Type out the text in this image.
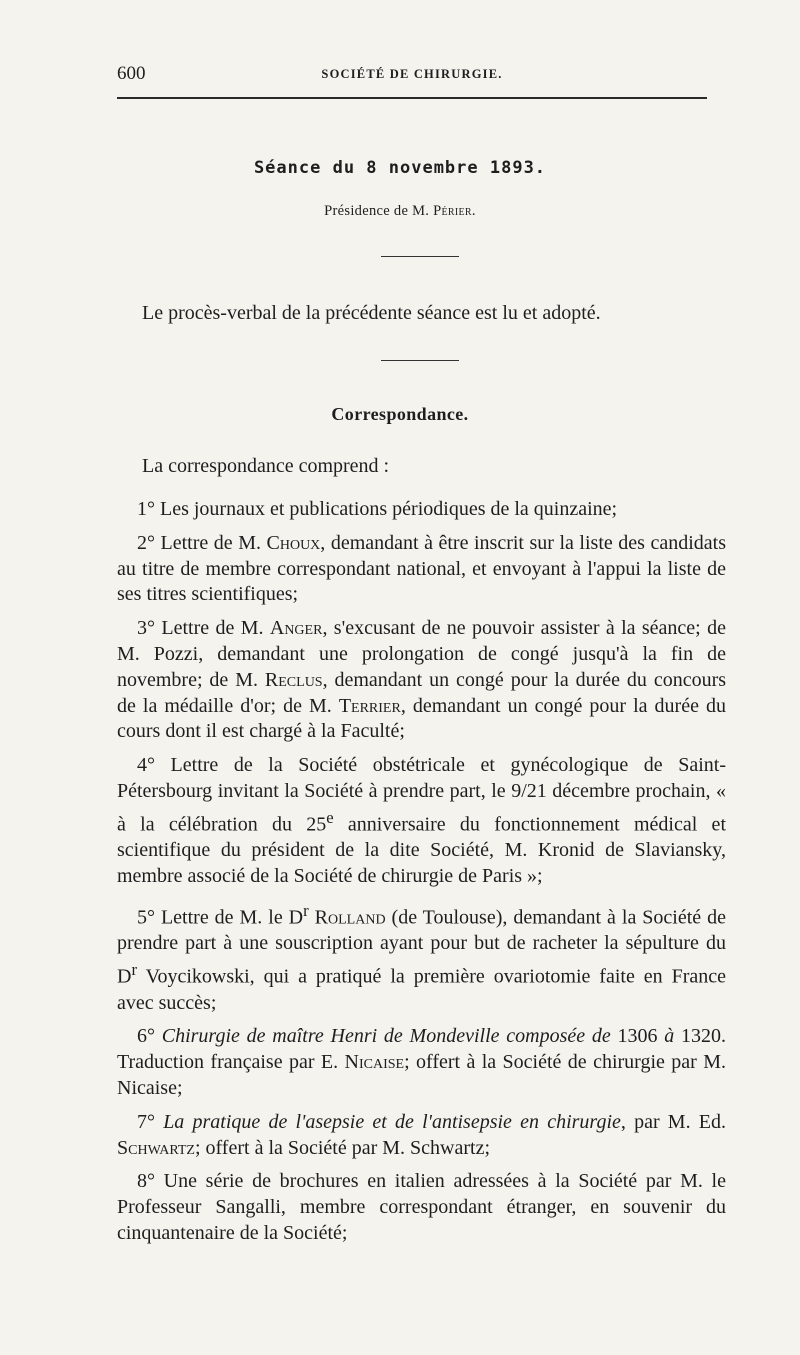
600	SOCIÉTÉ DE CHIRURGIE.
Séance du 8 novembre 1893.
Présidence de M. Périer.
Le procès-verbal de la précédente séance est lu et adopté.
Correspondance.
La correspondance comprend :

1° Les journaux et publications périodiques de la quinzaine;

2° Lettre de M. Choux, demandant à être inscrit sur la liste des candidats au titre de membre correspondant national, et envoyant à l'appui la liste de ses titres scientifiques;

3° Lettre de M. Anger, s'excusant de ne pouvoir assister à la séance; de M. Pozzi, demandant une prolongation de congé jusqu'à la fin de novembre; de M. Reclus, demandant un congé pour la durée du concours de la médaille d'or; de M. Terrier, demandant un congé pour la durée du cours dont il est chargé à la Faculté;

4° Lettre de la Société obstétricale et gynécologique de Saint-Pétersbourg invitant la Société à prendre part, le 9/21 décembre prochain, « à la célébration du 25e anniversaire du fonctionnement médical et scientifique du président de la dite Société, M. Kronid de Slaviansky, membre associé de la Société de chirurgie de Paris »;

5° Lettre de M. le $D^r$ Rolland (de Toulouse), demandant à la Société de prendre part à une souscription ayant pour but de racheter la sépulture du $D^r$ Voycikowski, qui a pratiqué la première ovariotomie faite en France avec succès;

6° Chirurgie de maître Henri de Mondeville composée de 1306 à 1320. Traduction française par E. Nicaise; offert à la Société de chirurgie par M. Nicaise;

7° La pratique de l'asepsie et de l'antisepsie en chirurgie, par M. Ed. Schwartz; offert à la Société par M. Schwartz;

8° Une série de brochures en italien adressées à la Société par M. le Professeur Sangalli, membre correspondant étranger, en souvenir du cinquantenaire de la Société;
